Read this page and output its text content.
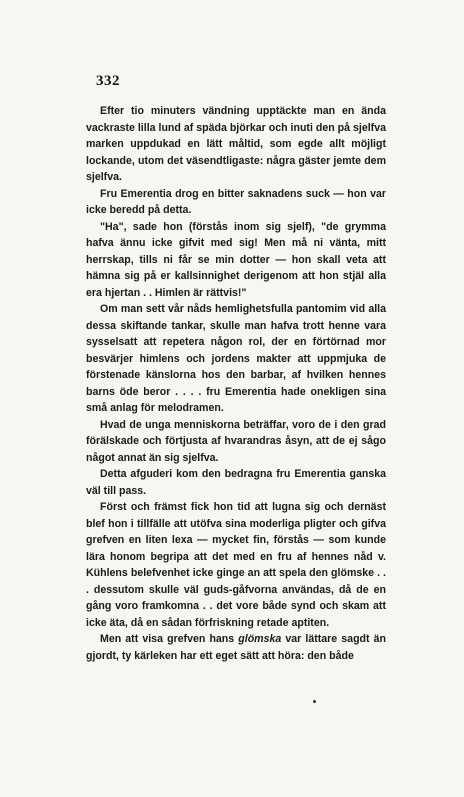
332

Efter tio minuters vändning upptäckte man en ända vackraste lilla lund af späda björkar och inuti den på sjelfva marken uppdukad en lätt måltid, som egde allt möjligt lockande, utom det väsendtligaste: några gäster jemte dem sjelfva.

Fru Emerentia drog en bitter saknadens suck — hon var icke beredd på detta.

"Ha", sade hon (förstås inom sig sjelf), "de grymma hafva ännu icke gifvit med sig! Men må ni vänta, mitt herrskap, tills ni får se min dotter — hon skall veta att hämna sig på er kallsinnighet derigenom att hon stjäl alla era hjertan . . Himlen är rättvis!"

Om man sett vår nåds hemlighetsfulla pantomim vid alla dessa skiftande tankar, skulle man hafva trott henne vara sysselsatt att repetera någon rol, der en förtörnad mor besvärjer himlens och jordens makter att uppmjuka de förstenade känslorna hos den barbar, af hvilken hennes barns öde beror . . . . fru Emerentia hade onekligen sina små anlag för melodramen.

Hvad de unga menniskorna beträffar, voro de i den grad förälskade och förtjusta af hvarandras åsyn, att de ej sågo något annat än sig sjelfva.

Detta afguderi kom den bedragna fru Emerentia ganska väl till pass.

Först och främst fick hon tid att lugna sig och dernäst blef hon i tillfälle att utöfva sina moderliga pligter och gifva grefven en liten lexa — mycket fin, förstås — som kunde lära honom begripa att det med en fru af hennes nåd v. Kühlens belefvenhet icke ginge an att spela den glömske . . . dessutom skulle väl guds-gåfvorna användas, då de en gång voro framkomna . . det vore både synd och skam att icke äta, då en sådan förfriskning retade aptiten.

Men att visa grefven hans glömska var lättare sagdt än gjordt, ty kärleken har ett eget sätt att höra: den både
